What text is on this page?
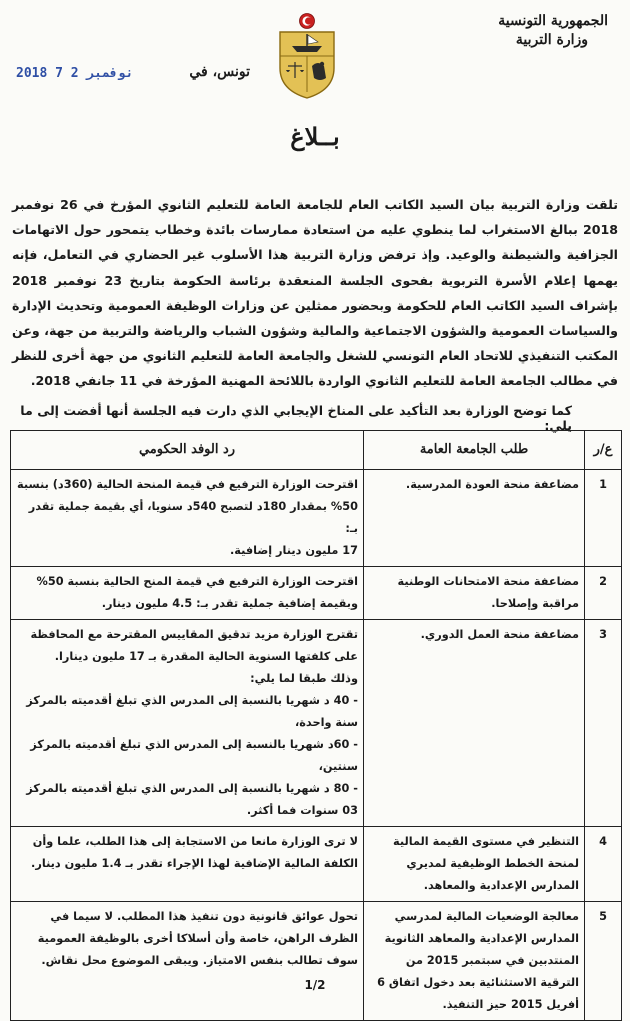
الجمهورية التونسية
وزارة التربية
تونس، في
2018 نوفمبر 2 7
بــلاغ

تلقت وزارة التربية بيان السيد الكاتب العام للجامعة العامة للتعليم الثانوي المؤرخ في 26 نوفمبر 2018 ببالغ الاستغراب لما ينطوي عليه من استعادة ممارسات بائدة وخطاب يتمحور حول الاتهامات الجزافية والشيطنة والوعيد. وإذ ترفض وزارة التربية هذا الأسلوب غير الحضاري في التعامل، فإنه يهمها إعلام الأسرة التربوية بفحوى الجلسة المنعقدة برئاسة الحكومة بتاريخ 23 نوفمبر 2018 بإشراف السيد الكاتب العام للحكومة وبحضور ممثلين عن وزارات الوظيفة العمومية وتحديث الإدارة والسياسات العمومية والشؤون الاجتماعية والمالية وشؤون الشباب والرياضة والتربية من جهة، وعن المكتب التنفيذي للاتحاد العام التونسي للشغل والجامعة العامة للتعليم الثانوي من جهة أخرى للنظر في مطالب الجامعة العامة للتعليم الثانوي الواردة باللائحة المهنية المؤرخة في 11 جانفي 2018.

كما توضح الوزارة بعد التأكيد على المناخ الإيجابي الذي دارت فيه الجلسة أنها أفضت إلى ما يلي:
ع/ر	طلب الجامعة العامة	رد الوفد الحكومي
1	مضاعفة منحة العودة المدرسية.	اقترحت الوزارة الترفيع في قيمة المنحة الحالية (360د) بنسبة 50% بمقدار 180د لتصبح 540د سنويا، أي بقيمة جملية تقدر بـ:
17 مليون دينار إضافية.

2	مضاعفة منحة الامتحانات الوطنية مراقبة وإصلاحا.	اقترحت الوزارة الترفيع في قيمة المنح الحالية بنسبة 50% وبقيمة إضافية جملية تقدر بـ: 4.5 مليون دينار.

3	مضاعفة منحة العمل الدوري.	تقترح الوزارة مزيد تدقيق المقاييس المقترحة مع المحافظة على كلفتها السنوية الحالية المقدرة بـ 17 مليون دينارا.
وذلك طبقا لما يلي:
- 40 د شهريا بالنسبة إلى المدرس الذي تبلغ أقدميته بالمركز سنة واحدة،
- 60د شهريا بالنسبة إلى المدرس الذي تبلغ أقدميته بالمركز سنتين،
- 80 د شهريا بالنسبة إلى المدرس الذي تبلغ أقدميته بالمركز 03 سنوات فما أكثر.

4	التنظير في مستوى القيمة المالية لمنحة الخطط الوظيفية لمديري المدارس الإعدادية والمعاهد.	لا ترى الوزارة مانعا من الاستجابة إلى هذا الطلب، علما وأن الكلفة المالية الإضافية لهذا الإجراء تقدر بـ 1.4 مليون دينار.

5	معالجة الوضعيات المالية لمدرسي المدارس الإعدادية والمعاهد الثانوية المنتدبين في سبتمبر 2015 من الترقية الاستثنائية بعد دخول اتفاق 6 أفريل 2015 حيز التنفيذ.	تحول عوائق قانونية دون تنفيذ هذا المطلب. لا سيما في الظرف الراهن، خاصة وأن أسلاكا أخرى بالوظيفة العمومية سوف تطالب بنفس الامتياز. ويبقى الموضوع محل نقاش.
1/2
